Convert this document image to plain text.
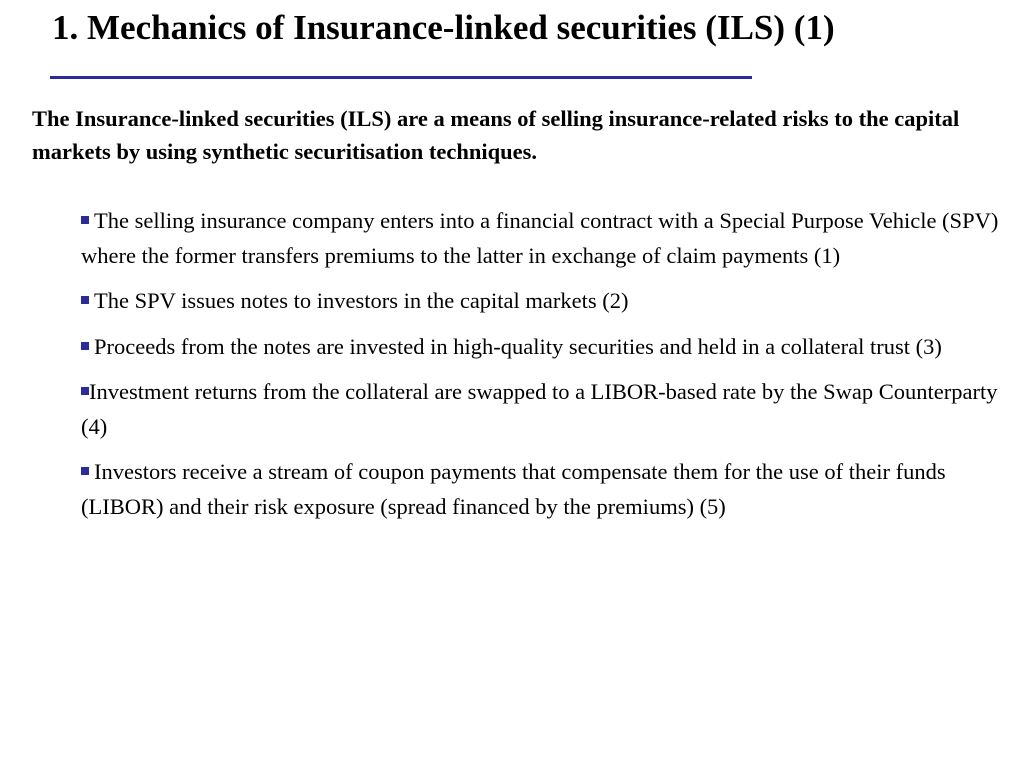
1. Mechanics of Insurance-linked securities (ILS) (1)

The Insurance-linked securities (ILS) are a means of selling insurance-related risks to the capital markets by using synthetic securitisation techniques.

The selling insurance company enters into a financial contract with a Special Purpose Vehicle (SPV) where the former transfers premiums to the latter in exchange of claim payments (1)
The SPV issues notes to investors in the capital markets (2)
Proceeds from the notes are invested in high-quality securities and held in a collateral trust (3)
Investment returns from the collateral are swapped to a LIBOR-based rate by the Swap Counterparty (4)
Investors receive a stream of coupon payments that compensate them for the use of their funds (LIBOR) and their risk exposure (spread financed by the premiums) (5)
